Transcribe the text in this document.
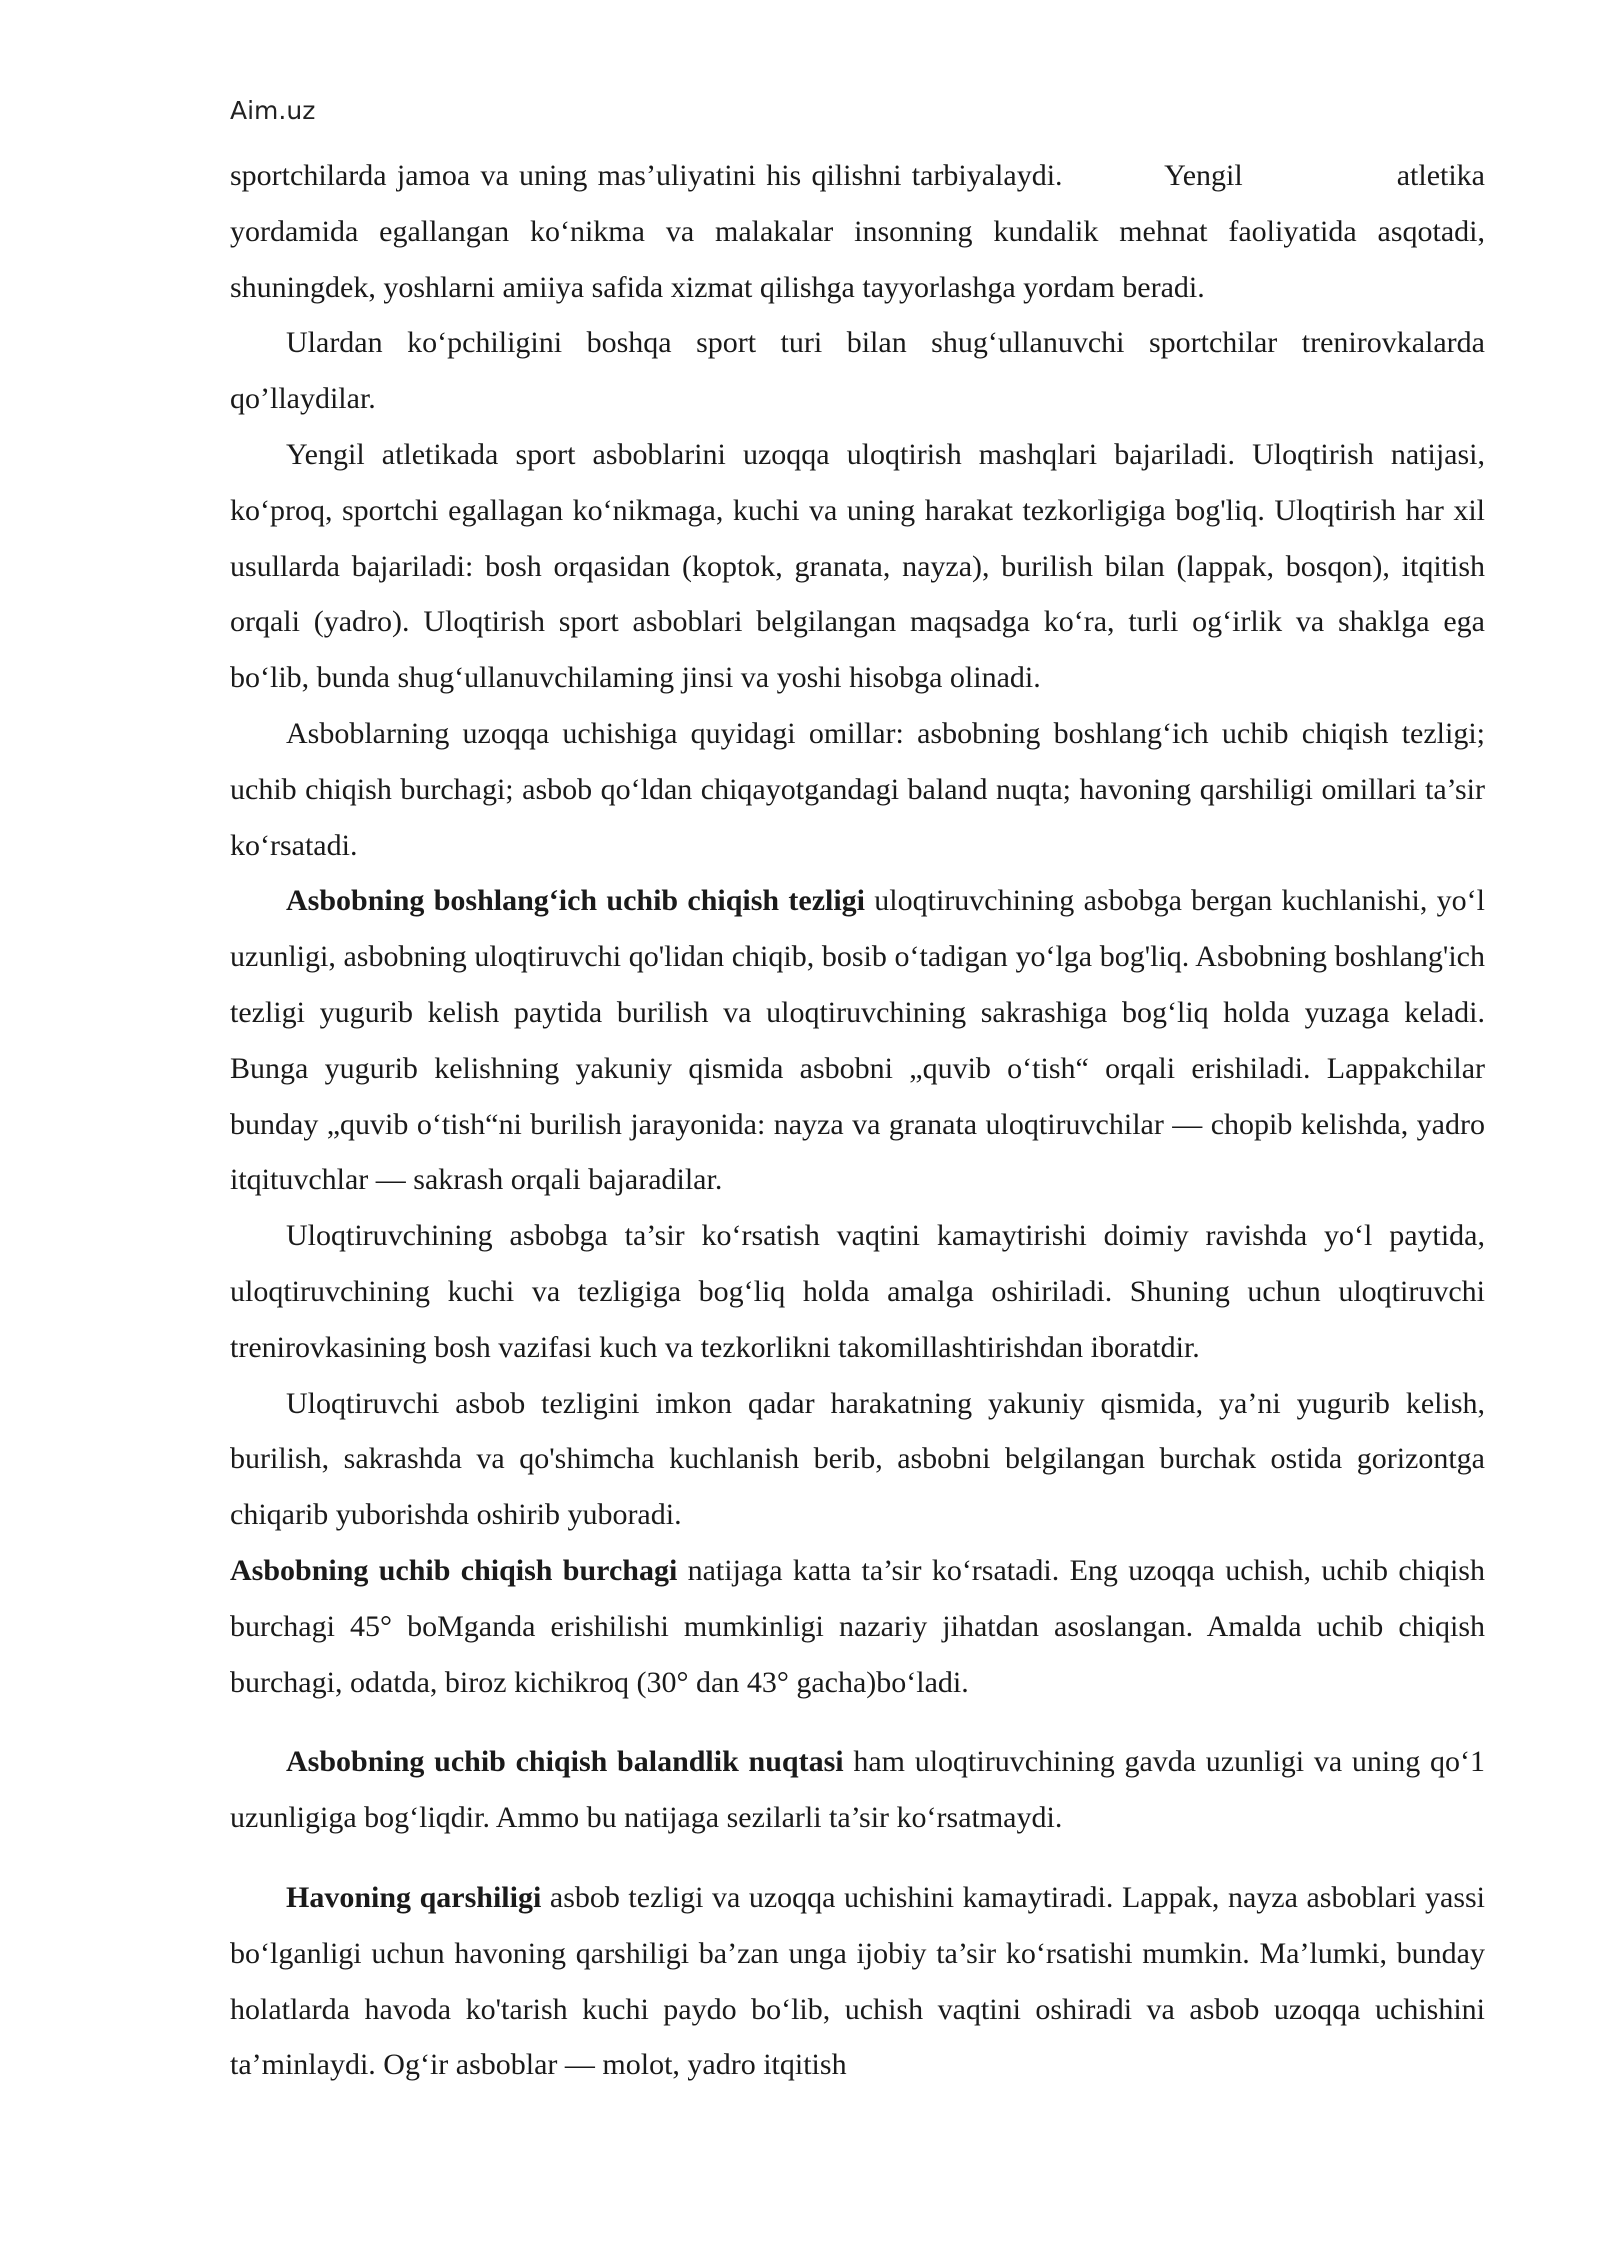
Aim.uz

sportchilarda jamoa va uning mas’uliyatini his qilishni tarbiyalaydi.          Yengil               atletika yordamida egallangan ko‘nikma va malakalar insonning kundalik mehnat faoliyatida asqotadi, shuningdek, yoshlarni amiiya safida xizmat qilishga tayyorlashga yordam beradi.

Ulardan ko‘pchiligini boshqa sport turi bilan shug‘ullanuvchi sportchilar trenirovkalarda qo’llaydilar.

Yengil atletikada sport asboblarini uzoqqa uloqtirish mashqlari bajariladi. Uloqtirish natijasi, ko‘proq, sportchi egallagan ko‘nikmaga, kuchi va uning harakat tezkorligiga bog'liq. Uloqtirish har xil usullarda bajariladi: bosh orqasidan (koptok, granata, nayza), burilish bilan (lappak, bosqon), itqitish orqali (yadro). Uloqtirish sport asboblari belgilangan maqsadga ko‘ra, turli og‘irlik va shaklga ega bo‘lib, bunda shug‘ullanuvchilaming jinsi va yoshi hisobga olinadi.

Asboblarning uzoqqa uchishiga quyidagi omillar: asbobning boshlang‘ich uchib chiqish tezligi; uchib chiqish burchagi; asbob qo‘ldan chiqayotgandagi baland nuqta; havoning qarshiligi omillari ta’sir ko‘rsatadi.

Asbobning boshlang‘ich uchib chiqish tezligi uloqtiruvchining asbobga bergan kuchlanishi, yo‘l uzunligi, asbobning uloqtiruvchi qo'lidan chiqib, bosib o‘tadigan yo‘lga bog'liq. Asbobning boshlang'ich tezligi yugurib kelish paytida burilish va uloqtiruvchining sakrashiga bog‘liq holda yuzaga keladi. Bunga yugurib kelishning yakuniy qismida asbobni „quvib o‘tish“ orqali erishiladi. Lappakchilar bunday „quvib o‘tish“ni burilish jarayonida: nayza va granata uloqtiruvchilar — chopib kelishda, yadro itqituvchlar — sakrash orqali bajaradilar.

Uloqtiruvchining asbobga ta’sir ko‘rsatish vaqtini kamaytirishi doimiy ravishda yo‘l paytida, uloqtiruvchining kuchi va tezligiga bog‘liq holda amalga oshiriladi. Shuning uchun uloqtiruvchi trenirovkasining bosh vazifasi kuch va tezkorlikni takomillashtirishdan iboratdir.

Uloqtiruvchi asbob tezligini imkon qadar harakatning yakuniy qismida, ya’ni yugurib kelish, burilish, sakrashda va qo'shimcha kuchlanish berib, asbobni belgilangan burchak ostida gorizontga chiqarib yuborishda oshirib yuboradi.

Asbobning uchib chiqish burchagi natijaga katta ta’sir ko‘rsatadi. Eng uzoqqa uchish, uchib chiqish burchagi 45° boMganda erishilishi mumkinligi nazariy jihatdan asoslangan. Amalda uchib chiqish burchagi, odatda, biroz kichikroq (30° dan 43° gacha)bo‘ladi.

Asbobning uchib chiqish balandlik nuqtasi ham uloqtiruvchining gavda uzunligi va uning qo‘1 uzunligiga bog‘liqdir. Ammo bu natijaga sezilarli ta’sir ko‘rsatmaydi.

Havoning qarshiligi asbob tezligi va uzoqqa uchishini kamaytiradi. Lappak, nayza asboblari yassi bo‘lganligi uchun havoning qarshiligi ba’zan unga ijobiy ta’sir ko‘rsatishi mumkin. Ma’lumki, bunday holatlarda havoda ko'tarish kuchi paydo bo‘lib, uchish vaqtini oshiradi va asbob uzoqqa uchishini ta’minlaydi. Og‘ir asboblar — molot, yadro itqitish
